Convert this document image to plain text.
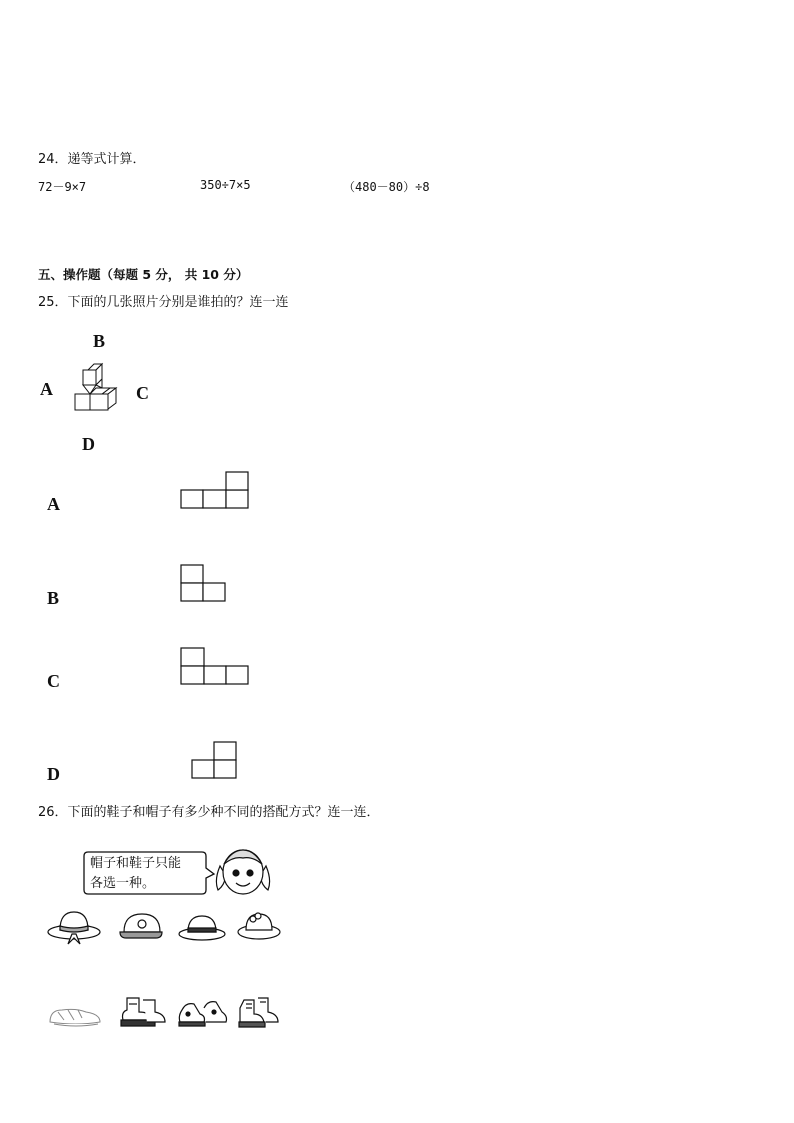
24．递等式计算．
72－9×7	350÷7×5	（480－80）÷8
五、操作题（每题 5 分， 共 10 分）
25．下面的几张照片分别是谁拍的？连一连
B
A	C
D
A
B
C
D
26．下面的鞋子和帽子有多少种不同的搭配方式？连一连．
帽子和鞋子只能
各选一种。
